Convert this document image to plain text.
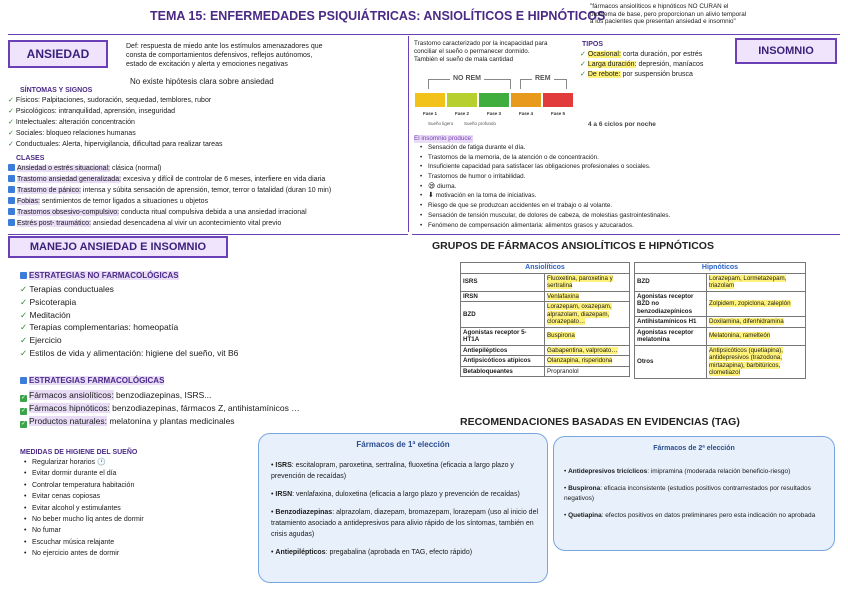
TEMA 15: ENFERMEDADES PSIQUIÁTRICAS: ANSIOLÍTICOS E HIPNÓTICOS
"fármacos ansiolíticos e hipnóticos NO CURAN el
problema de base, pero proporcionan un alivio temporal
a los pacientes que presentan ansiedad e insomnio"
ANSIEDAD
Def: respuesta de miedo ante los estímulos amenazadores que
consta de comportamientos defensivos, reflejos autónomos,
estado de excitación y alerta y emociones negativas
No existe hipótesis clara sobre ansiedad
SÍNTOMAS Y SIGNOS
✓ Físicos: Palpitaciones, sudoración, sequedad, temblores, rubor
✓ Psicológicos: intranquilidad, aprensión, inseguridad
✓ Intelectuales: alteración concentración
✓ Sociales: bloqueo relaciones humanas
✓ Conductuales: Alerta, hipervigilancia, dificultad para realizar tareas
CLASES
Ansiedad o estrés situacional: clásica (normal)
Trastorno ansiedad generalizada: excesiva y difícil de controlar de 6 meses, interfiere en vida diaria
Trastorno de pánico: intensa y súbita sensación de aprensión, temor, terror o fatalidad (duran 10 min)
Fobias: sentimientos de temor ligados a situaciones u objetos
Trastornos obsesivo-compulsivo: conducta ritual compulsiva debida a una ansiedad irracional
Estrés post- traumático: ansiedad desencadena al vivir un acontecimiento vital previo
Trastorno caracterizado por la incapacidad para
conciliar el sueño o permanecer dormido.
También el sueño de mala cantidad
TIPOS
✓ Ocasional: corta duración, por estrés
✓ Larga duración: depresión, maníacos
✓ De rebote: por suspensión brusca
INSOMNIO
NO REM	REM
Fase 1	Fase 2	Fase 3	Fase 4	Fase 5
Sueño ligero Sueño profundo	4 a 6 ciclos por noche
El insomnio produce:
• Sensación de fatiga durante el día.
• Trastornos de la memoria, de la atención o de concentración.
• Insuficiente capacidad para satisfacer las obligaciones profesionales o sociales.
• Trastornos de humor o irritabilidad.
• 😪 diurna.
• ⬇ motivación en la toma de iniciativas.
• Riesgo de que se produzcan accidentes en el trabajo o al volante.
• Sensación de tensión muscular, de dolores de cabeza, de molestias gastrointestinales.
• Fenómeno de compensación alimentaria: alimentos grasos y azucarados.
MANEJO ANSIEDAD E INSOMNIO
ESTRATEGIAS NO FARMACOLÓGICAS
✓ Terapias conductuales
✓ Psicoterapia
✓ Meditación
✓ Terapias complementarias: homeopatía
✓ Ejercicio
✓ Estilos de vida y alimentación: higiene del sueño, vit B6
ESTRATEGIAS FARMACOLÓGICAS
✓ Fármacos ansiolíticos: benzodiazepinas, ISRS...
✓ Fármacos hipnóticos: benzodiazepinas, fármacos Z, antihistamínicos …
✓ Productos naturales: melatonina y plantas medicinales
MEDIDAS DE HIGIENE DEL SUEÑO
• Regularizar horarios 🕐
• Evitar dormir durante el día
• Controlar temperatura habitación
• Evitar cenas copiosas
• Evitar alcohol y estimulantes
• No beber mucho líq antes de dormir
• No fumar
• Escuchar música relajante
• No ejercicio antes de dormir
GRUPOS DE FÁRMACOS ANSIOLÍTICOS E HIPNÓTICOS
Ansiolíticos	
ISRS	Fluoxetina, paroxetina y sertralina
IRSN	Venlafaxina
BZD	Lorazepam, oxazepam, alprazolam, diazepam, clorazepato…
Agonistas receptor 5-HT1A	Buspirona
Antiepilépticos	Gabapentina, valproato…
Antipsicóticos atípicos	Olanzapina, risperidona
Betabloqueantes	Propranolol
Hipnóticos	
BZD	Lorazepam, Lormetazepam, triazolam
Agonistas receptor BZD no benzodiazepínicos	Zolpidem, zopiclona, zaleplón
Antihistamínicos H1	Doxilamina, difenhidramina
Agonistas receptor melatonina	Melatonina, ramelteón
Otros	Antipsicóticos (quetiapina), antidepresivos (trazodona, mirtazapina), barbitúricos, clometiazol
RECOMENDACIONES BASADAS EN EVIDENCIAS (TAG)
Fármacos de 1ª elección
• ISRS: escitalopram, paroxetina, sertralina, fluoxetina (eficacia a largo plazo y prevención de recaídas)
• IRSN: venlafaxina, duloxetina (eficacia a largo plazo y prevención de recaídas)
• Benzodiazepinas: alprazolam, diazepam, bromazepam, lorazepam (uso al inicio del tratamiento asociado a antidepresivos para alivio rápido de los síntomas, también en crisis agudas)
• Antiepilépticos: pregabalina (aprobada en TAG, efecto rápido)
Fármacos de 2ª elección
• Antidepresivos tricíclicos: imipramina (moderada relación beneficio-riesgo)
• Buspirona: eficacia inconsistente (estudios positivos contrarrestados por resultados negativos)
• Quetiapina: efectos positivos en datos preliminares pero esta indicación no aprobada
